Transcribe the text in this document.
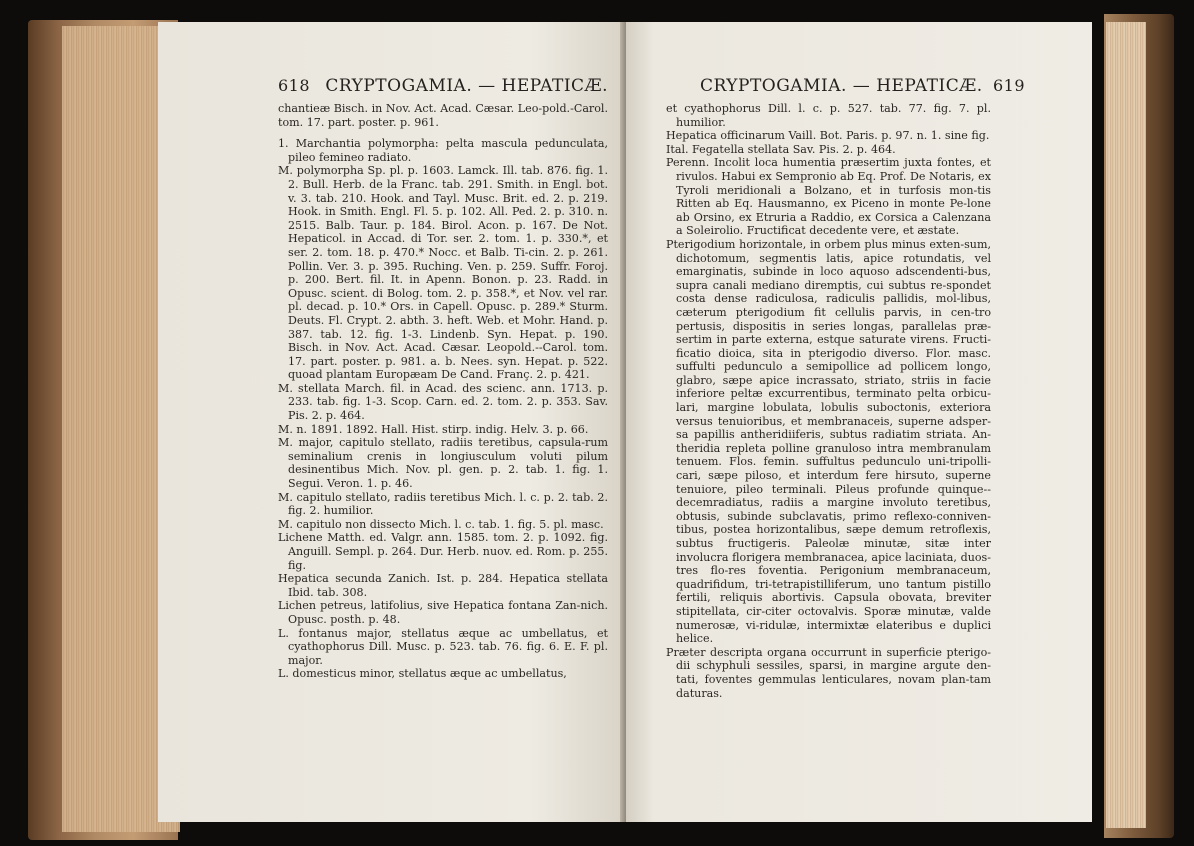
618 CRYPTOGAMIA. — HEPATICÆ.

chantieæ Bisch. in Nov. Act. Acad. Cæsar. Leo-pold.-Carol. tom. 17. part. poster. p. 961.

1. Marchantia polymorpha: pelta mascula pedunculata, pileo feminео radiato.

M. polymorpha Sp. pl. p. 1603. Lamck. Ill. tab. 876. fig. 1. 2. Bull. Herb. de la Franc. tab. 291. Smith. in Engl. bot. v. 3. tab. 210. Hook. and Tayl. Musc. Brit. ed. 2. p. 219. Hook. in Smith. Engl. Fl. 5. p. 102. All. Ped. 2. p. 310. n. 2515. Balb. Taur. p. 184. Birol. Acon. p. 167. De Not. Hepaticol. in Accad. di Tor. ser. 2. tom. 1. p. 330.*, et ser. 2. tom. 18. p. 470.* Nocc. et Balb. Ti-cin. 2. p. 261. Pollin. Ver. 3. p. 395. Ruching. Ven. p. 259. Suffr. Foroj. p. 200. Bert. fil. It. in Apenn. Bonon. p. 23. Radd. in Opusc. scient. di Bolog. tom. 2. p. 358.*, et Nov. vel rar. pl. decad. p. 10.* Ors. in Capell. Opusc. p. 289.* Sturm. Deuts. Fl. Crypt. 2. abth. 3. heft. Web. et Mohr. Hand. p. 387. tab. 12. fig. 1-3. Lindenb. Syn. Hepat. p. 190. Bisch. in Nov. Act. Acad. Cæsar. Leopold.--Carol. tom. 17. part. poster. p. 981. a. b. Nees. syn. Hepat. p. 522. quoad plantam Europæam De Cand. Franç. 2. p. 421.

M. stellata March. fil. in Acad. des scienc. ann. 1713. p. 233. tab. fig. 1-3. Scop. Carn. ed. 2. tom. 2. p. 353. Sav. Pis. 2. p. 464.

M. n. 1891. 1892. Hall. Hist. stirp. indig. Helv. 3. p. 66.

M. major, capitulo stellato, radiis teretibus, capsula-rum seminalium crenis in longiusculum voluti pilum desinentibus Mich. Nov. pl. gen. p. 2. tab. 1. fig. 1. Segui. Veron. 1. p. 46.

M. capitulo stellato, radiis teretibus Mich. l. c. p. 2. tab. 2. fig. 2. humilior.

M. capitulo non dissecto Mich. l. c. tab. 1. fig. 5. pl. masc.

Lichene Matth. ed. Valgr. ann. 1585. tom. 2. p. 1092. fig. Anguill. Sempl. p. 264. Dur. Herb. nuov. ed. Rom. p. 255. fig.

Hepatica secunda Zanich. Ist. p. 284. Hepatica stellata Ibid. tab. 308.

Lichen petreus, latifolius, sive Hepatica fontana Zan-nich. Opusc. posth. p. 48.

L. fontanus major, stellatus æque ac umbellatus, et cyathophorus Dill. Musc. p. 523. tab. 76. fig. 6. E. F. pl. major.

L. domesticus minor, stellatus æque ac umbellatus,

CRYPTOGAMIA. — HEPATICÆ. 619

et cyathophorus Dill. l. c. p. 527. tab. 77. fig. 7. pl. humilior.

Hepatica officinarum Vaill. Bot. Paris. p. 97. n. 1. sine fig.

Ital. Fegatella stellata Sav. Pis. 2. p. 464.

Perenn. Incolit loca humentia præsertim juxta fontes, et rivulos. Habui ex Sempronio ab Eq. Prof. De Notaris, ex Tyroli meridionali a Bolzano, et in turfosis mon-tis Ritten ab Eq. Hausmanno, ex Piceno in monte Pe-lone ab Orsino, ex Etruria a Raddio, ex Corsica a Calenzana a Soleirolio. Fructificat decedente vere, et æstate.

Pterigodium horizontale, in orbem plus minus exten-sum, dichotomum, segmentis latis, apice rotundatis, vel emarginatis, subinde in loco aquoso adscendenti-bus, supra canali mediano diremptis, cui subtus re-spondet costa dense radiculosa, radiculis pallidis, mol-libus, cæterum pterigodium fit cellulis parvis, in cen-tro pertusis, dispositis in series longas, parallelas præ-sertim in parte externa, estque saturate virens. Fructi-ficatio dioica, sita in pterigodio diverso. Flor. masc. suffulti pedunculo a semipollice ad pollicem longo, glabro, sæpe apice incrassato, striato, striis in facie inferiore peltæ excurrentibus, terminato pelta orbicu-lari, margine lobulata, lobulis suboctonis, exteriora versus tenuioribus, et membranaceis, superne adsper-sa papillis antheridiiferis, subtus radiatim striata. An-theridia repleta polline granuloso intra membranulam tenuem. Flos. femin. suffultus pedunculo uni-tripolli-cari, sæpe piloso, et interdum fere hirsuto, superne tenuiore, pileo terminali. Pileus profunde quinque--decemradiatus, radiis a margine involuto teretibus, obtusis, subinde subclavatis, primo reflexo-conniven-tibus, postea horizontalibus, sæpe demum retroflexis, subtus fructigeris. Paleolæ minutæ, sitæ inter involucra florigera membranacea, apice laciniata, duos-tres flo-res foventia. Perigonium membranaceum, quadrifidum, tri-tetrapistilliferum, uno tantum pistillo fertili, reliquis abortivis. Capsula obovata, breviter stipitellata, cir-citer octovalvis. Sporæ minutæ, valde numerosæ, vi-ridulæ, intermixtæ elateribus e duplici helice.

Præter descripta organa occurrunt in superficie pterigo-dii schyphuli sessiles, sparsi, in margine argute den-tati, foventes gemmulas lenticulares, novam plan-tam daturas.
